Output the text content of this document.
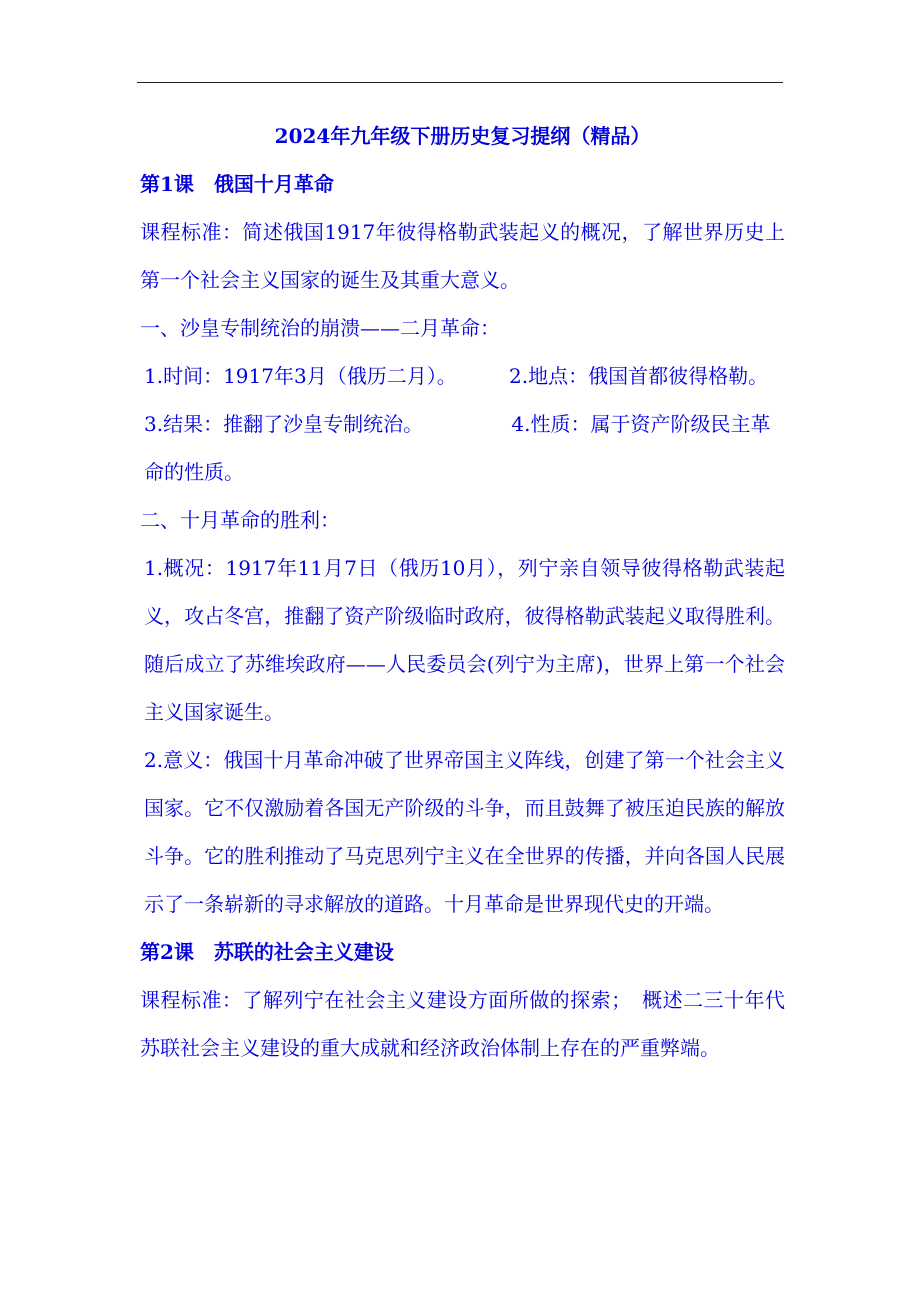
2024年九年级下册历史复习提纲（精品）

第1课　俄国十月革命

课程标准：简述俄国1917年彼得格勒武装起义的概况，了解世界历史上第一个社会主义国家的诞生及其重大意义。

一、沙皇专制统治的崩溃——二月革命：

1.时间：1917年3月（俄历二月）。	2.地点：俄国首都彼得格勒。
3.结果：推翻了沙皇专制统治。	4.性质：属于资产阶级民主革命的性质。

二、十月革命的胜利：

1.概况：1917年11月7日（俄历10月），列宁亲自领导彼得格勒武装起义，攻占冬宫，推翻了资产阶级临时政府，彼得格勒武装起义取得胜利。随后成立了苏维埃政府——人民委员会(列宁为主席)，世界上第一个社会主义国家诞生。

2.意义：俄国十月革命冲破了世界帝国主义阵线，创建了第一个社会主义国家。它不仅激励着各国无产阶级的斗争，而且鼓舞了被压迫民族的解放斗争。它的胜利推动了马克思列宁主义在全世界的传播，并向各国人民展示了一条崭新的寻求解放的道路。十月革命是世界现代史的开端。

第2课　苏联的社会主义建设

课程标准：了解列宁在社会主义建设方面所做的探索；　概述二三十年代苏联社会主义建设的重大成就和经济政治体制上存在的严重弊端。
